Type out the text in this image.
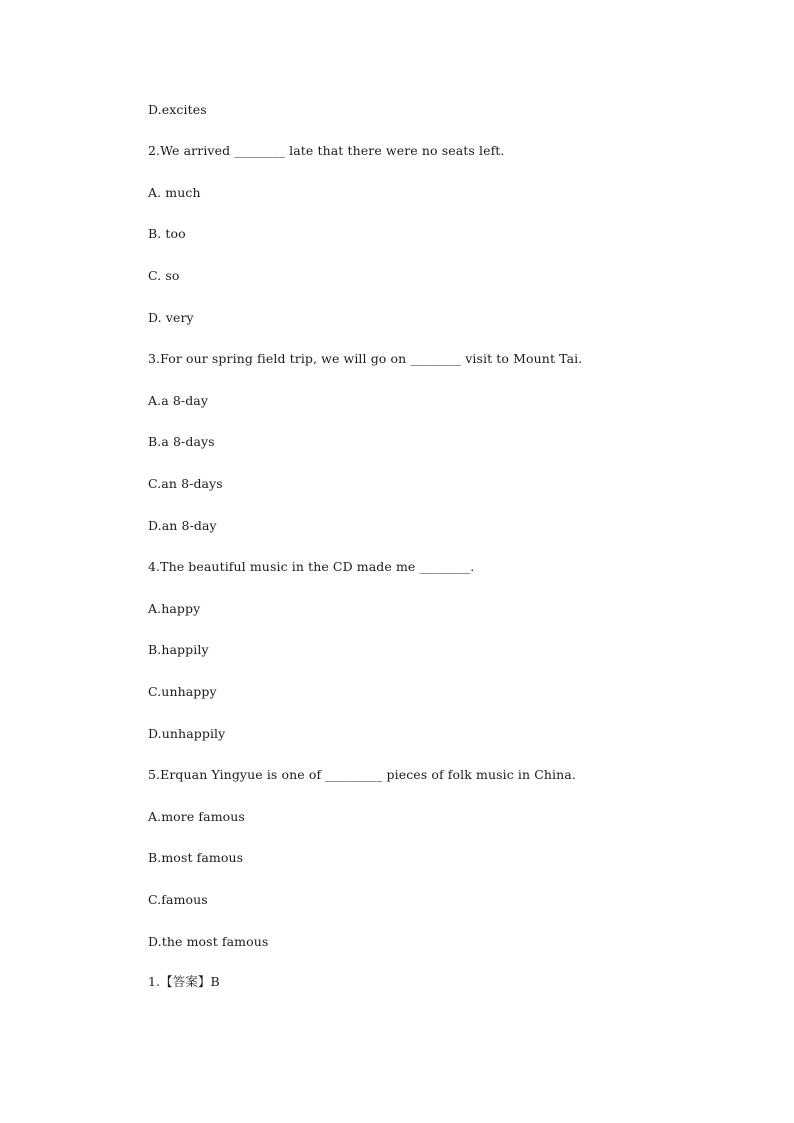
D.excites

2.We arrived ________ late that there were no seats left.

A. much

B. too

C. so

D. very

3.For our spring field trip, we will go on ________ visit to Mount Tai.

A.a 8-day

B.a 8-days

C.an 8-days

D.an 8-day

4.The beautiful music in the CD made me ________.

A.happy

B.happily

C.unhappy

D.unhappily

5.Erquan Yingyue is one of _________ pieces of folk music in China.

A.more famous

B.most famous

C.famous

D.the most famous

1.【答案】B
